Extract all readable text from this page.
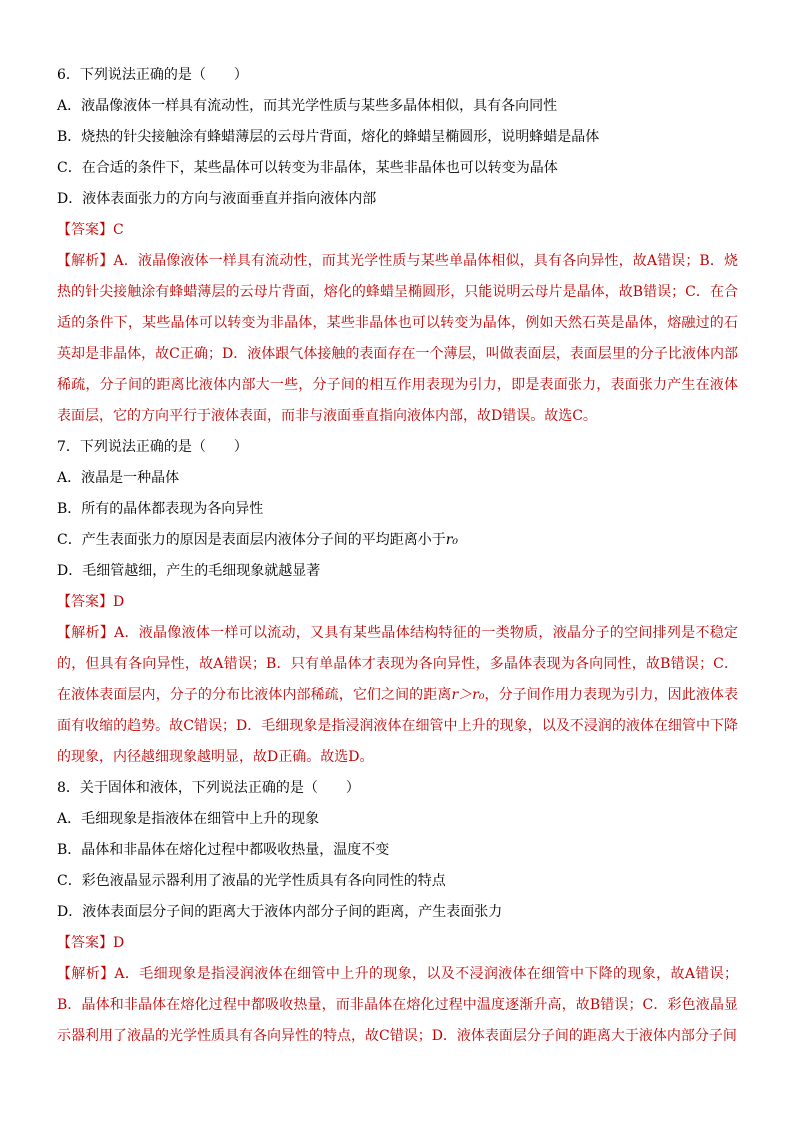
6．下列说法正确的是（　　）
A．液晶像液体一样具有流动性，而其光学性质与某些多晶体相似，具有各向同性
B．烧热的针尖接触涂有蜂蜡薄层的云母片背面，熔化的蜂蜡呈椭圆形，说明蜂蜡是晶体
C．在合适的条件下，某些晶体可以转变为非晶体，某些非晶体也可以转变为晶体
D．液体表面张力的方向与液面垂直并指向液体内部
【答案】C
【解析】A．液晶像液体一样具有流动性，而其光学性质与某些单晶体相似，具有各向异性，故A错误；B．烧热的针尖接触涂有蜂蜡薄层的云母片背面，熔化的蜂蜡呈椭圆形，只能说明云母片是晶体，故B错误；C．在合适的条件下，某些晶体可以转变为非晶体，某些非晶体也可以转变为晶体，例如天然石英是晶体，熔融过的石英却是非晶体，故C正确；D．液体跟气体接触的表面存在一个薄层，叫做表面层，表面层里的分子比液体内部稀疏，分子间的距离比液体内部大一些，分子间的相互作用表现为引力，即是表面张力，表面张力产生在液体表面层，它的方向平行于液体表面，而非与液面垂直指向液体内部，故D错误。故选C。
7．下列说法正确的是（　　）
A．液晶是一种晶体
B．所有的晶体都表现为各向异性
C．产生表面张力的原因是表面层内液体分子间的平均距离小于r₀
D．毛细管越细，产生的毛细现象就越显著
【答案】D
【解析】A．液晶像液体一样可以流动，又具有某些晶体结构特征的一类物质，液晶分子的空间排列是不稳定的，但具有各向异性，故A错误；B．只有单晶体才表现为各向异性，多晶体表现为各向同性，故B错误；C．在液体表面层内，分子的分布比液体内部稀疏，它们之间的距离r＞r₀，分子间作用力表现为引力，因此液体表面有收缩的趋势。故C错误；D．毛细现象是指浸润液体在细管中上升的现象，以及不浸润的液体在细管中下降的现象，内径越细现象越明显，故D正确。故选D。
8．关于固体和液体，下列说法正确的是（　　）
A．毛细现象是指液体在细管中上升的现象
B．晶体和非晶体在熔化过程中都吸收热量，温度不变
C．彩色液晶显示器利用了液晶的光学性质具有各向同性的特点
D．液体表面层分子间的距离大于液体内部分子间的距离，产生表面张力
【答案】D
【解析】A．毛细现象是指浸润液体在细管中上升的现象，以及不浸润液体在细管中下降的现象，故A错误；B．晶体和非晶体在熔化过程中都吸收热量，而非晶体在熔化过程中温度逐渐升高，故B错误；C．彩色液晶显示器利用了液晶的光学性质具有各向异性的特点，故C错误；D．液体表面层分子间的距离大于液体内部分子间
